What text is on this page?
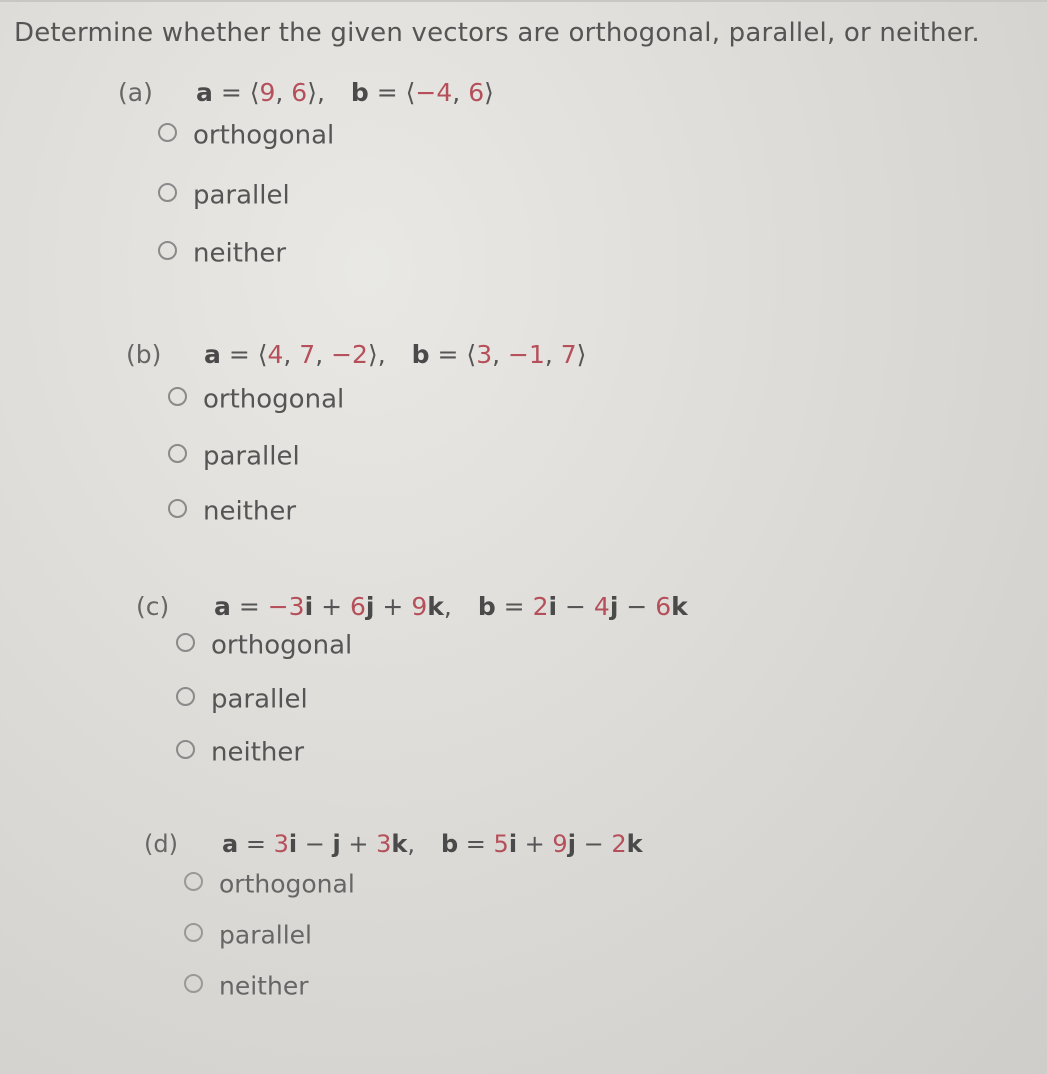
Determine whether the given vectors are orthogonal, parallel, or neither.
(a) a = ⟨9, 6⟩, b = ⟨−4, 6⟩
orthogonal
parallel
neither
(b) a = ⟨4, 7, −2⟩, b = ⟨3, −1, 7⟩
orthogonal
parallel
neither
(c) a = −3i + 6j + 9k, b = 2i − 4j − 6k
orthogonal
parallel
neither
(d) a = 3i − j + 3k, b = 5i + 9j − 2k
orthogonal
parallel
neither
